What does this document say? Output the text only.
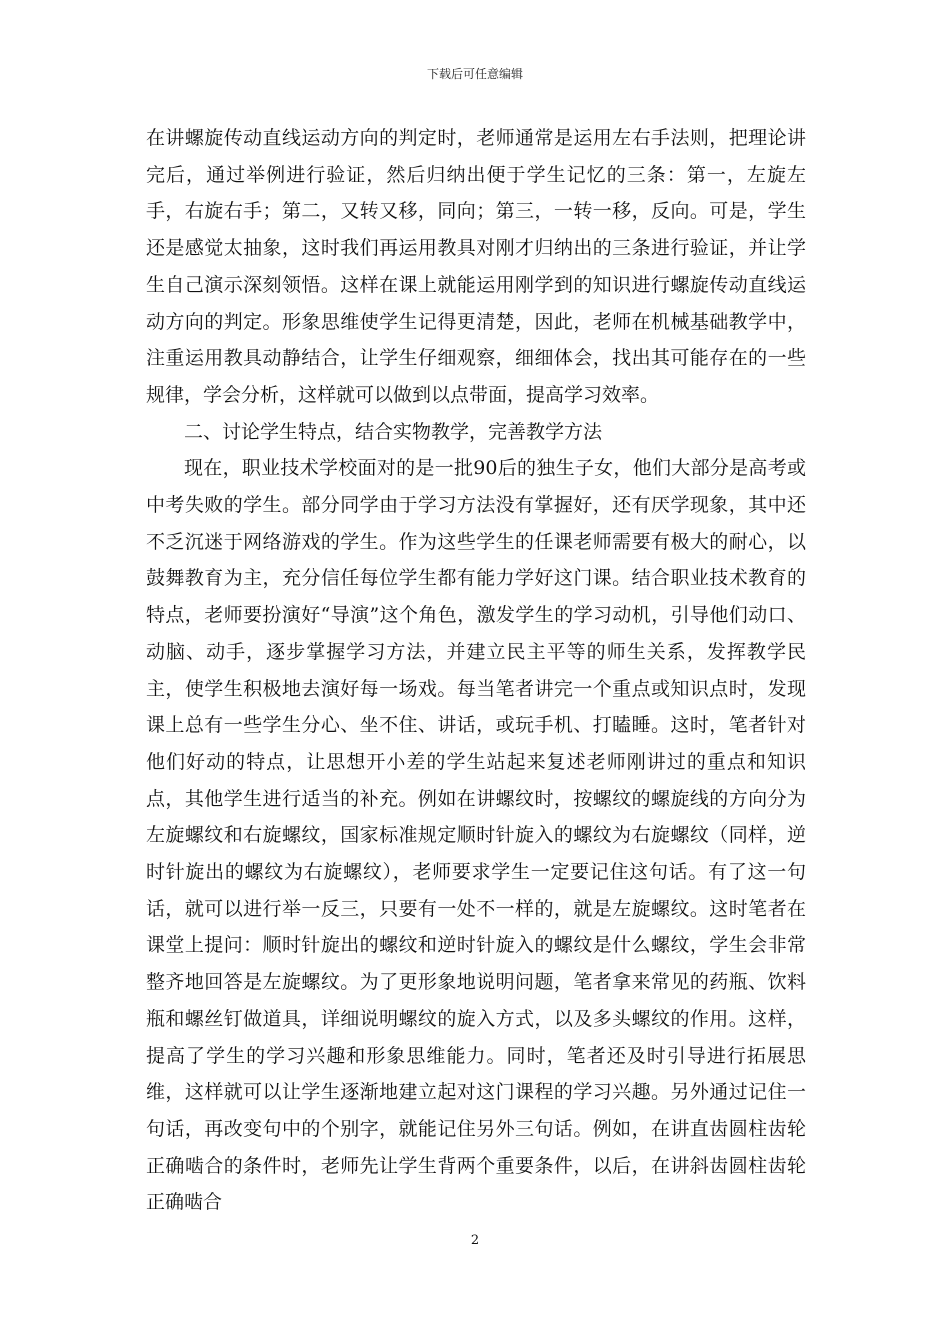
下载后可任意编辑

在讲螺旋传动直线运动方向的判定时，老师通常是运用左右手法则，把理论讲完后，通过举例进行验证，然后归纳出便于学生记忆的三条：第一，左旋左手，右旋右手；第二，又转又移，同向；第三，一转一移，反向。可是，学生还是感觉太抽象，这时我们再运用教具对刚才归纳出的三条进行验证，并让学生自己演示深刻领悟。这样在课上就能运用刚学到的知识进行螺旋传动直线运动方向的判定。形象思维使学生记得更清楚，因此，老师在机械基础教学中，注重运用教具动静结合，让学生仔细观察，细细体会，找出其可能存在的一些规律，学会分析，这样就可以做到以点带面，提高学习效率。

二、讨论学生特点，结合实物教学，完善教学方法

现在，职业技术学校面对的是一批90后的独生子女，他们大部分是高考或中考失败的学生。部分同学由于学习方法没有掌握好，还有厌学现象，其中还不乏沉迷于网络游戏的学生。作为这些学生的任课老师需要有极大的耐心，以鼓舞教育为主，充分信任每位学生都有能力学好这门课。结合职业技术教育的特点，老师要扮演好“导演”这个角色，激发学生的学习动机，引导他们动口、动脑、动手，逐步掌握学习方法，并建立民主平等的师生关系，发挥教学民主，使学生积极地去演好每一场戏。每当笔者讲完一个重点或知识点时，发现课上总有一些学生分心、坐不住、讲话，或玩手机、打瞌睡。这时，笔者针对他们好动的特点，让思想开小差的学生站起来复述老师刚讲过的重点和知识点，其他学生进行适当的补充。例如在讲螺纹时，按螺纹的螺旋线的方向分为左旋螺纹和右旋螺纹，国家标准规定顺时针旋入的螺纹为右旋螺纹（同样，逆时针旋出的螺纹为右旋螺纹），老师要求学生一定要记住这句话。有了这一句话，就可以进行举一反三，只要有一处不一样的，就是左旋螺纹。这时笔者在课堂上提问：顺时针旋出的螺纹和逆时针旋入的螺纹是什么螺纹，学生会非常整齐地回答是左旋螺纹。为了更形象地说明问题，笔者拿来常见的药瓶、饮料瓶和螺丝钉做道具，详细说明螺纹的旋入方式，以及多头螺纹的作用。这样，提高了学生的学习兴趣和形象思维能力。同时，笔者还及时引导进行拓展思维，这样就可以让学生逐渐地建立起对这门课程的学习兴趣。另外通过记住一句话，再改变句中的个别字，就能记住另外三句话。例如，在讲直齿圆柱齿轮正确啮合的条件时，老师先让学生背两个重要条件，以后，在讲斜齿圆柱齿轮正确啮合

2
